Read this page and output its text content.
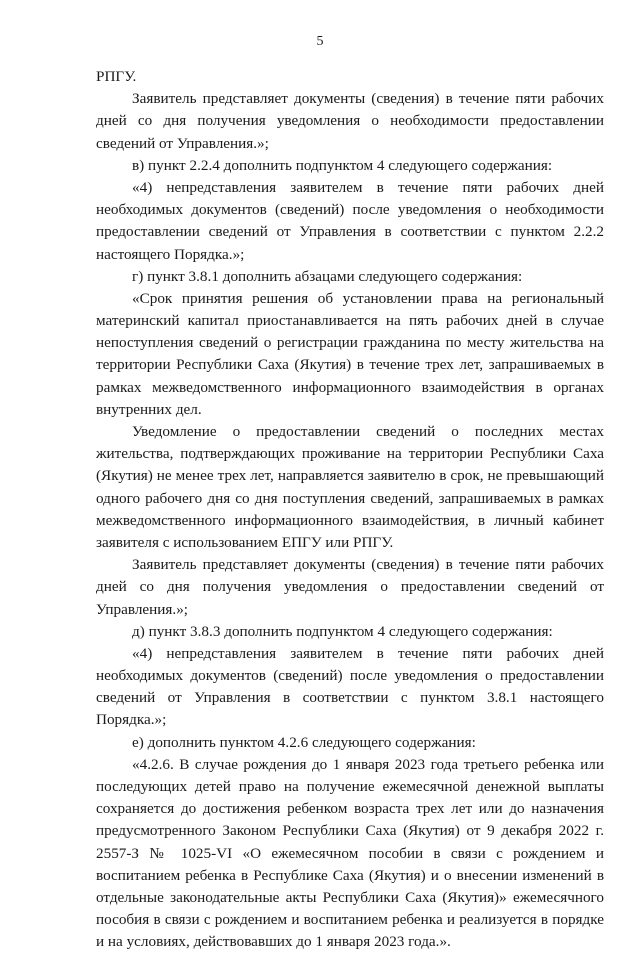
5
РПГУ.
Заявитель представляет документы (сведения) в течение пяти рабочих
дней со дня получения уведомления о необходимости предоставлении
сведений от Управления.»;
в) пункт 2.2.4 дополнить подпунктом 4 следующего содержания:
«4) непредставления заявителем в течение пяти рабочих дней
необходимых документов (сведений) после уведомления о необходимости
предоставлении сведений от Управления в соответствии с пунктом 2.2.2
настоящего Порядка.»;
г) пункт 3.8.1 дополнить абзацами следующего содержания:
«Срок принятия решения об установлении права на региональный
материнский капитал приостанавливается на пять рабочих дней в случае
непоступления сведений о регистрации гражданина по месту жительства на
территории Республики Саха (Якутия) в течение трех лет, запрашиваемых в
рамках межведомственного информационного взаимодействия в органах
внутренних дел.
Уведомление о предоставлении сведений о последних местах
жительства, подтверждающих проживание на территории Республики Саха
(Якутия) не менее трех лет, направляется заявителю в срок, не превышающий
одного рабочего дня со дня поступления сведений, запрашиваемых в рамках
межведомственного информационного взаимодействия, в личный кабинет
заявителя с использованием ЕПГУ или РПГУ.
Заявитель представляет документы (сведения) в течение пяти рабочих
дней со дня получения уведомления о предоставлении сведений от
Управления.»;
д) пункт 3.8.3 дополнить подпунктом 4 следующего содержания:
«4) непредставления заявителем в течение пяти рабочих дней
необходимых документов (сведений) после уведомления о предоставлении
сведений от Управления в соответствии с пунктом 3.8.1 настоящего
Порядка.»;
е) дополнить пунктом 4.2.6 следующего содержания:
«4.2.6. В случае рождения до 1 января 2023 года третьего ребенка или
последующих детей право на получение ежемесячной денежной выплаты
сохраняется до достижения ребенком возраста трех лет или до назначения
предусмотренного Законом Республики Саха (Якутия) от 9 декабря 2022 г.
2557-З № 1025-VI «О ежемесячном пособии в связи с рождением и
воспитанием ребенка в Республике Саха (Якутия) и о внесении изменений в
отдельные законодательные акты Республики Саха (Якутия)» ежемесячного
пособия в связи с рождением и воспитанием ребенка и реализуется в порядке
и на условиях, действовавших до 1 января 2023 года.».
